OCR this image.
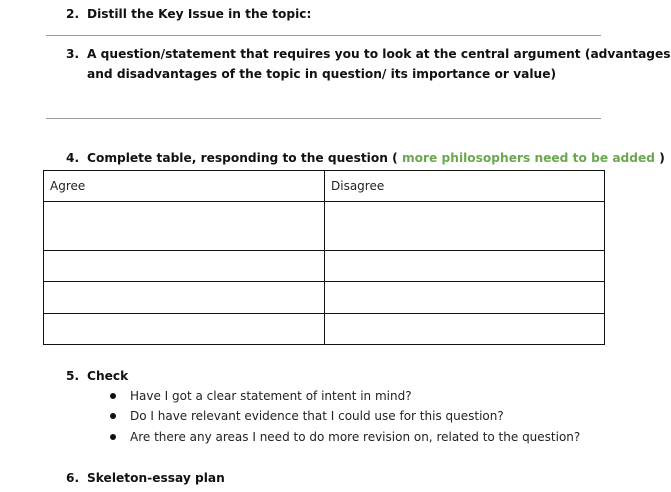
2. Distill the Key Issue in the topic:
3. A question/statement that requires you to look at the central argument (advantages
and disadvantages of the topic in question/ its importance or value)
4. Complete table, responding to the question ( more philosophers need to be added )
Agree	Disagree

5. Check
Have I got a clear statement of intent in mind?
Do I have relevant evidence that I could use for this question?
Are there any areas I need to do more revision on, related to the question?
6. Skeleton-essay plan
